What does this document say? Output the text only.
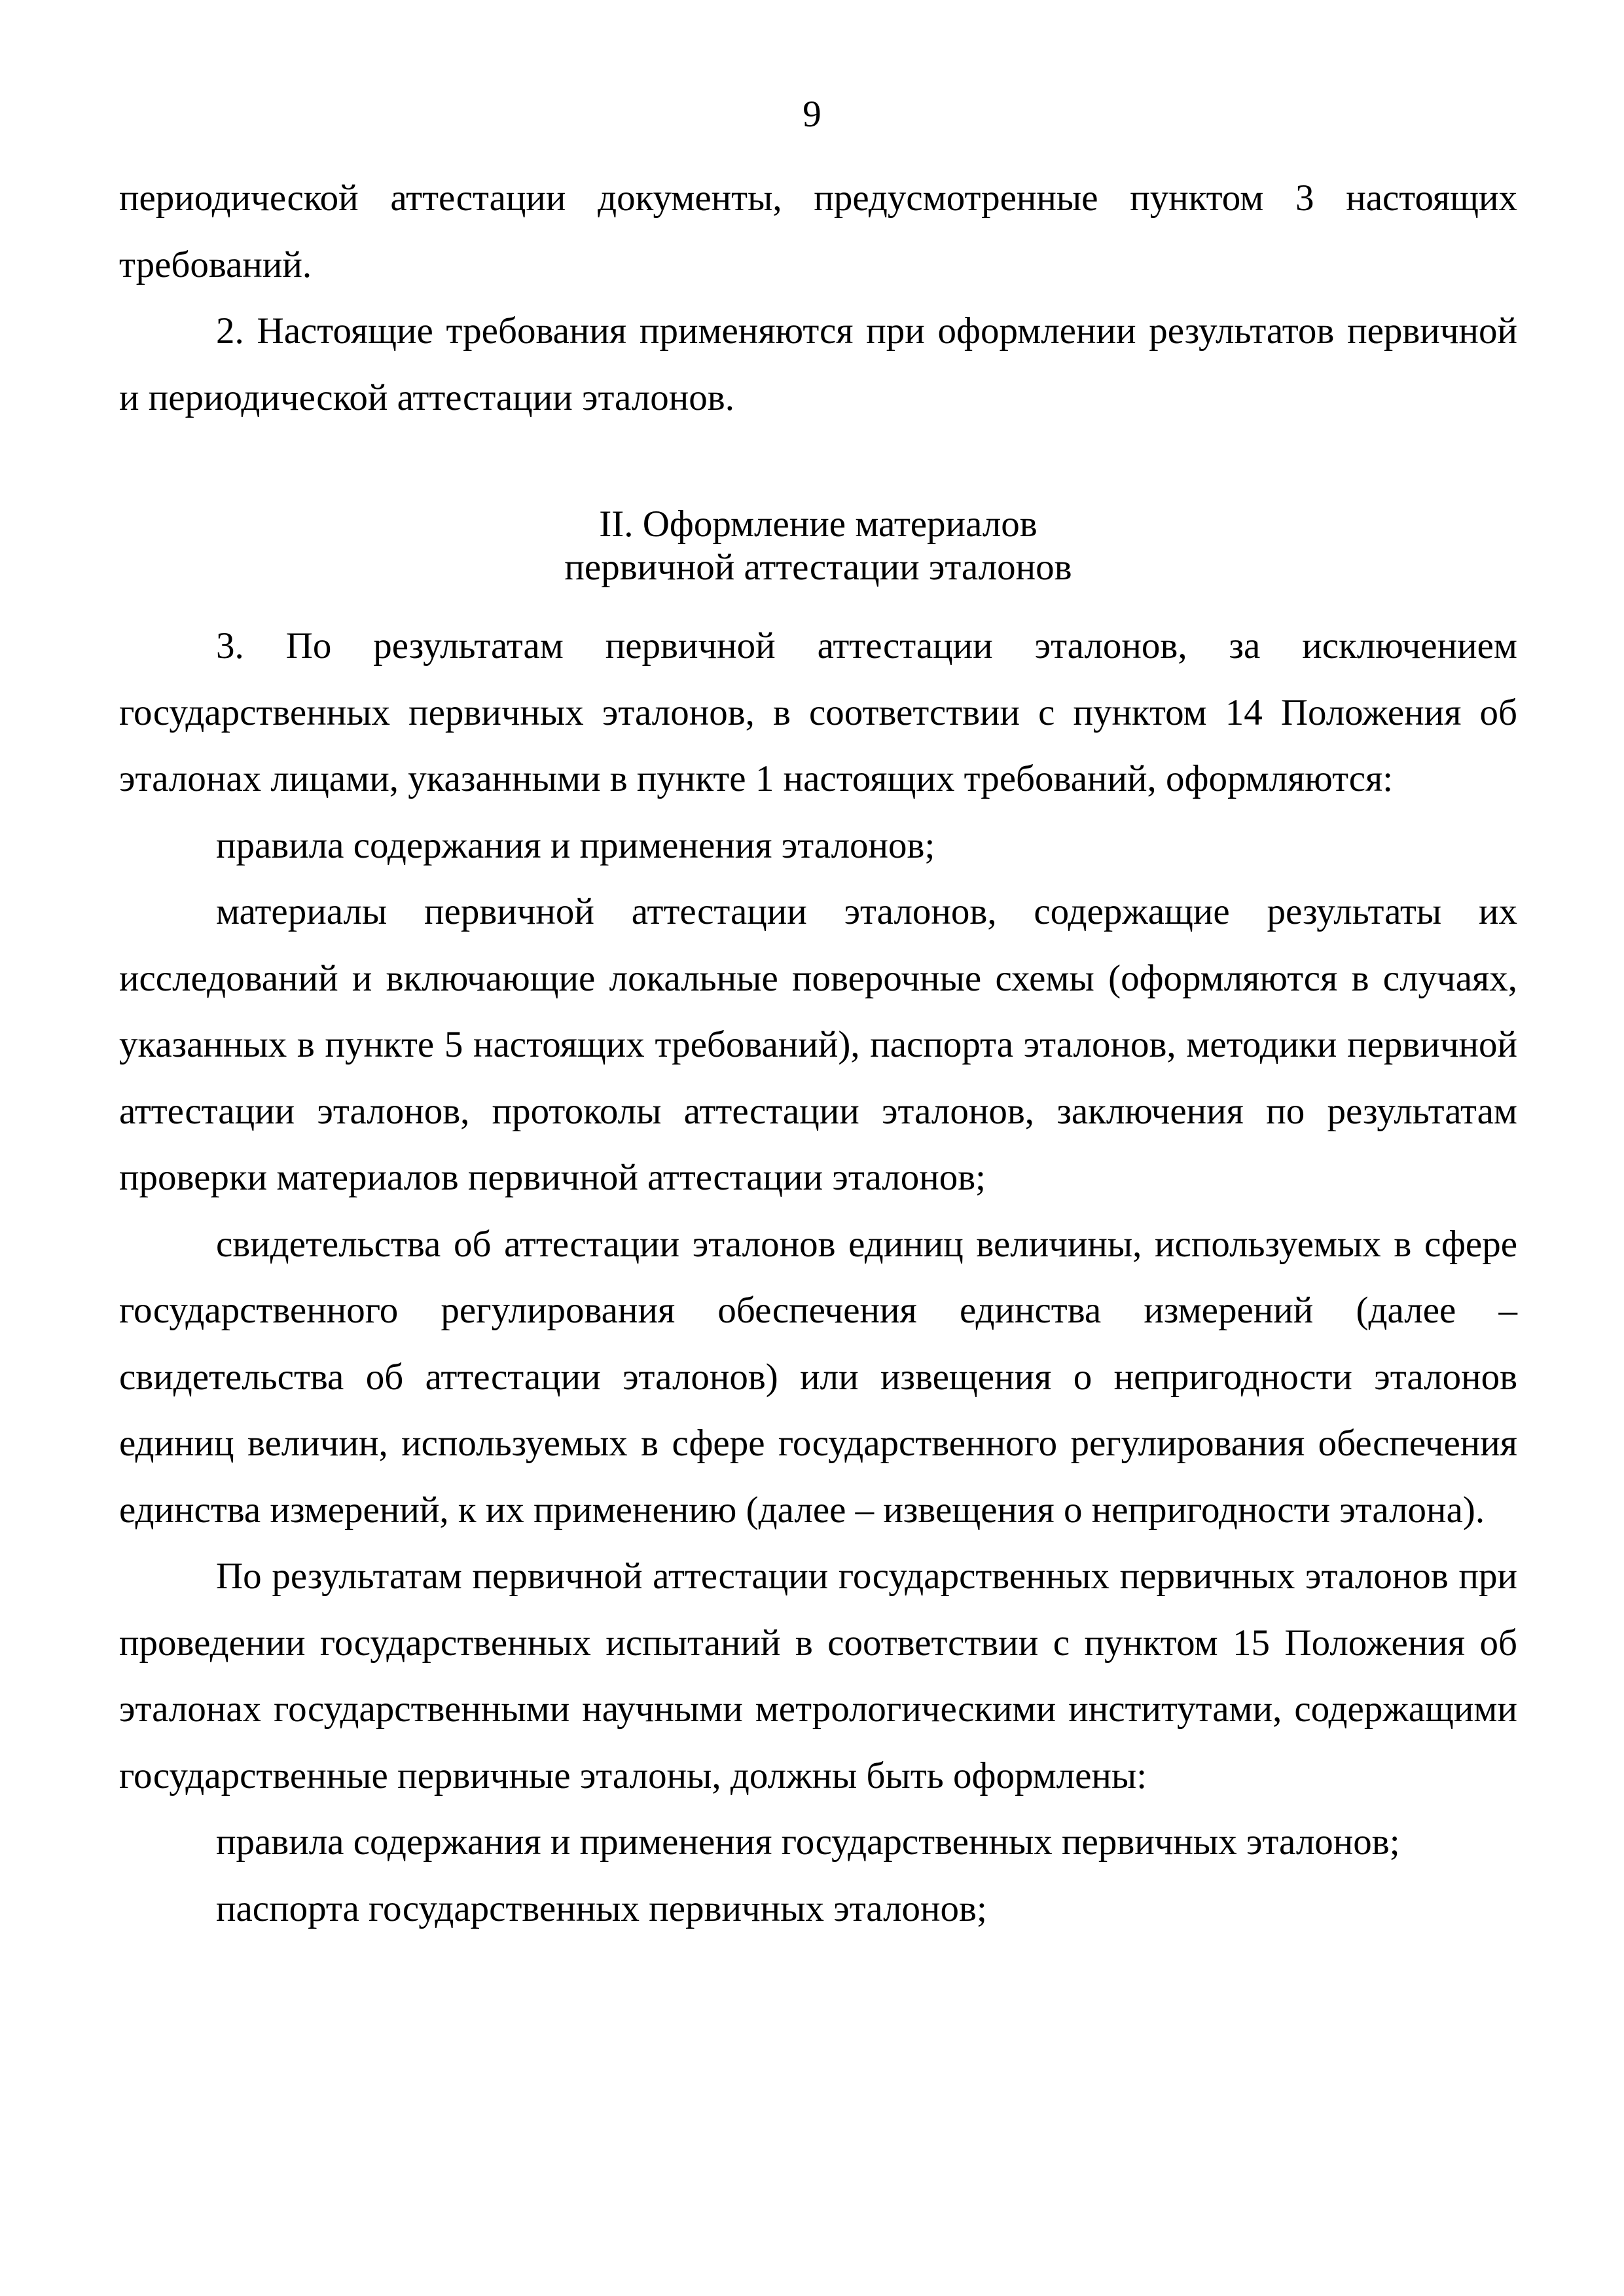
9

периодической аттестации документы, предусмотренные пунктом 3 настоящих требований.

2. Настоящие требования применяются при оформлении результатов первичной и периодической аттестации эталонов.

II. Оформление материалов
первичной аттестации эталонов

3. По результатам первичной аттестации эталонов, за исключением государственных первичных эталонов, в соответствии с пунктом 14 Положения об эталонах лицами, указанными в пункте 1 настоящих требований, оформляются:

правила содержания и применения эталонов;

материалы первичной аттестации эталонов, содержащие результаты их исследований и включающие локальные поверочные схемы (оформляются в случаях, указанных в пункте 5 настоящих требований), паспорта эталонов, методики первичной аттестации эталонов, протоколы аттестации эталонов, заключения по результатам проверки материалов первичной аттестации эталонов;

свидетельства об аттестации эталонов единиц величины, используемых в сфере государственного регулирования обеспечения единства измерений (далее – свидетельства об аттестации эталонов) или извещения о непригодности эталонов единиц величин, используемых в сфере государственного регулирования обеспечения единства измерений, к их применению (далее – извещения о непригодности эталона).

По результатам первичной аттестации государственных первичных эталонов при проведении государственных испытаний в соответствии с пунктом 15 Положения об эталонах государственными научными метрологическими институтами, содержащими государственные первичные эталоны, должны быть оформлены:

правила содержания и применения государственных первичных эталонов;

паспорта государственных первичных эталонов;
